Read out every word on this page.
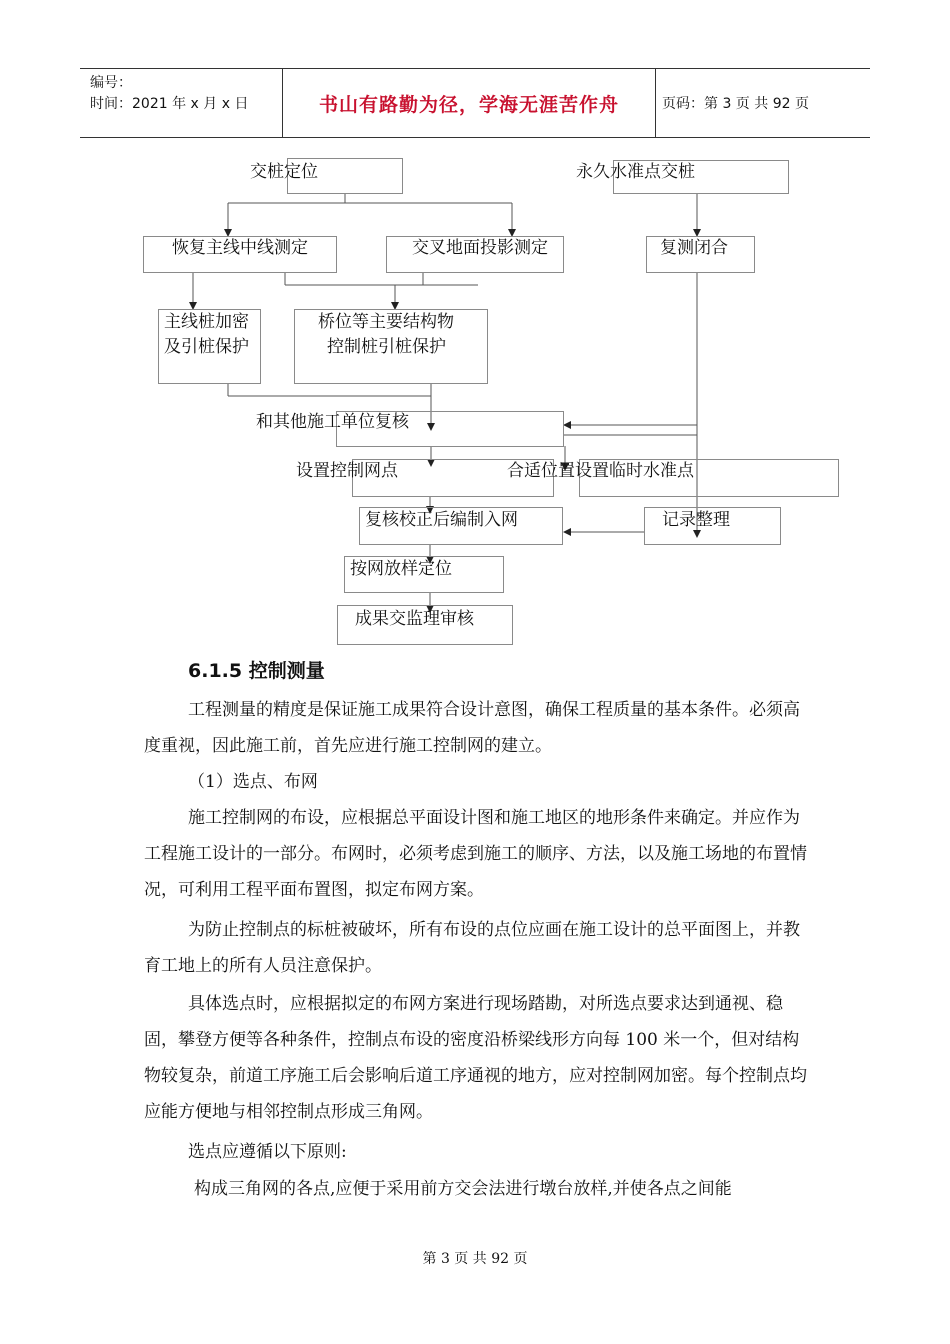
编号：
时间：2021 年 x 月 x 日	书山有路勤为径，学海无涯苦作舟	页码：第 3 页 共 92 页
交桩定位	永久水准点交桩
恢复主线中线测定	交叉地面投影测定	复测闭合
主线桩加密
及引桩保护
桥位等主要结构物
控制桩引桩保护
和其他施工单位复核
设置控制网点	合适位置设置临时水准点
复核校正后编制入网	记录整理
按网放样定位
成果交监理审核
6.1.5 控制测量
工程测量的精度是保证施工成果符合设计意图，确保工程质量的基本条件。必须高度重视，因此施工前，首先应进行施工控制网的建立。
（1）选点、布网
施工控制网的布设，应根据总平面设计图和施工地区的地形条件来确定。并应作为工程施工设计的一部分。布网时，必须考虑到施工的顺序、方法，以及施工场地的布置情况，可利用工程平面布置图，拟定布网方案。
为防止控制点的标桩被破坏，所有布设的点位应画在施工设计的总平面图上，并教育工地上的所有人员注意保护。
具体选点时，应根据拟定的布网方案进行现场踏勘，对所选点要求达到通视、稳固，攀登方便等各种条件，控制点布设的密度沿桥梁线形方向每 100 米一个，但对结构物较复杂，前道工序施工后会影响后道工序通视的地方，应对控制网加密。每个控制点均应能方便地与相邻控制点形成三角网。
选点应遵循以下原则:
构成三角网的各点,应便于采用前方交会法进行墩台放样,并使各点之间能
第 3 页 共 92 页
